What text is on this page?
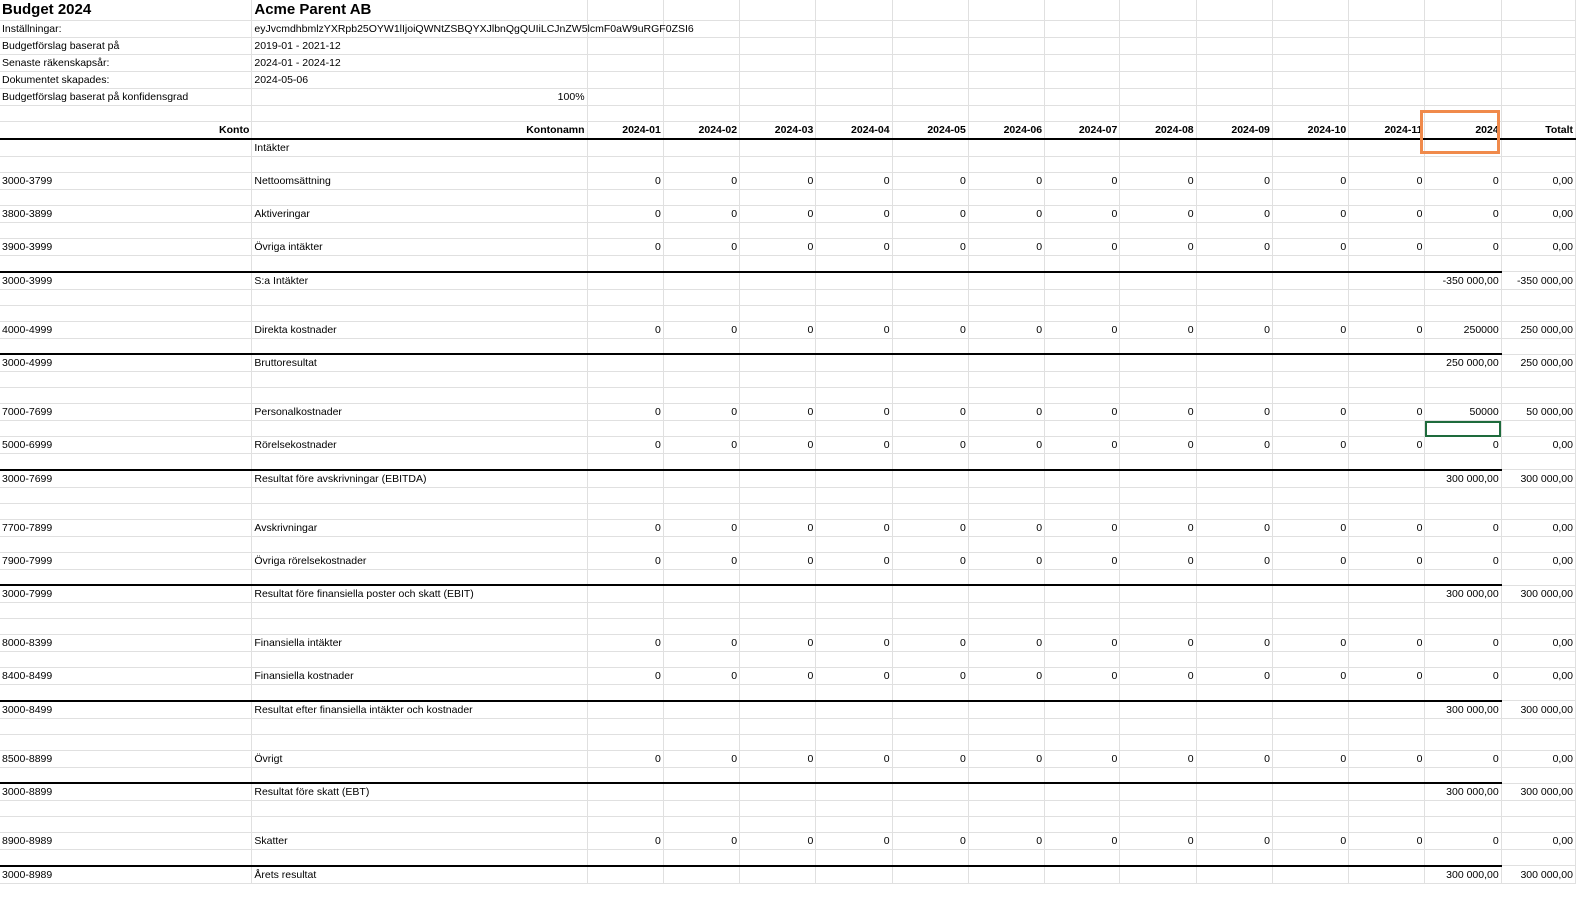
Budget 2024	Acme Parent AB													
Inställningar:	eyJvcmdhbmlzYXRpb25OYW1lIjoiQWNtZSBQYXJlbnQgQUIiLCJnZW5lcmF0aW9uRGF0ZSI6													
Budgetförslag baserat på	2019-01 - 2021-12													
Senaste räkenskapsår:	2024-01 - 2024-12													
Dokumentet skapades:	2024-05-06													
Budgetförslag baserat på konfidensgrad	100%													

Konto	Kontonamn	2024-01	2024-02	2024-03	2024-04	2024-05	2024-06	2024-07	2024-08	2024-09	2024-10	2024-11	2024	Totalt
	Intäkter													

3000-3799	Nettoomsättning	0	0	0	0	0	0	0	0	0	0	0	0	0,00

3800-3899	Aktiveringar	0	0	0	0	0	0	0	0	0	0	0	0	0,00

3900-3999	Övriga intäkter	0	0	0	0	0	0	0	0	0	0	0	0	0,00

3000-3999	S:a Intäkter												-350 000,00	-350 000,00

4000-4999	Direkta kostnader	0	0	0	0	0	0	0	0	0	0	0	250000	250 000,00

3000-4999	Bruttoresultat												250 000,00	250 000,00

7000-7699	Personalkostnader	0	0	0	0	0	0	0	0	0	0	0	50000	50 000,00

5000-6999	Rörelsekostnader	0	0	0	0	0	0	0	0	0	0	0	0	0,00

3000-7699	Resultat före avskrivningar (EBITDA)												300 000,00	300 000,00

7700-7899	Avskrivningar	0	0	0	0	0	0	0	0	0	0	0	0	0,00

7900-7999	Övriga rörelsekostnader	0	0	0	0	0	0	0	0	0	0	0	0	0,00

3000-7999	Resultat före finansiella poster och skatt (EBIT)												300 000,00	300 000,00

8000-8399	Finansiella intäkter	0	0	0	0	0	0	0	0	0	0	0	0	0,00

8400-8499	Finansiella kostnader	0	0	0	0	0	0	0	0	0	0	0	0	0,00

3000-8499	Resultat efter finansiella intäkter och kostnader												300 000,00	300 000,00

8500-8899	Övrigt	0	0	0	0	0	0	0	0	0	0	0	0	0,00

3000-8899	Resultat före skatt (EBT)												300 000,00	300 000,00

8900-8989	Skatter	0	0	0	0	0	0	0	0	0	0	0	0	0,00

3000-8989	Årets resultat												300 000,00	300 000,00
